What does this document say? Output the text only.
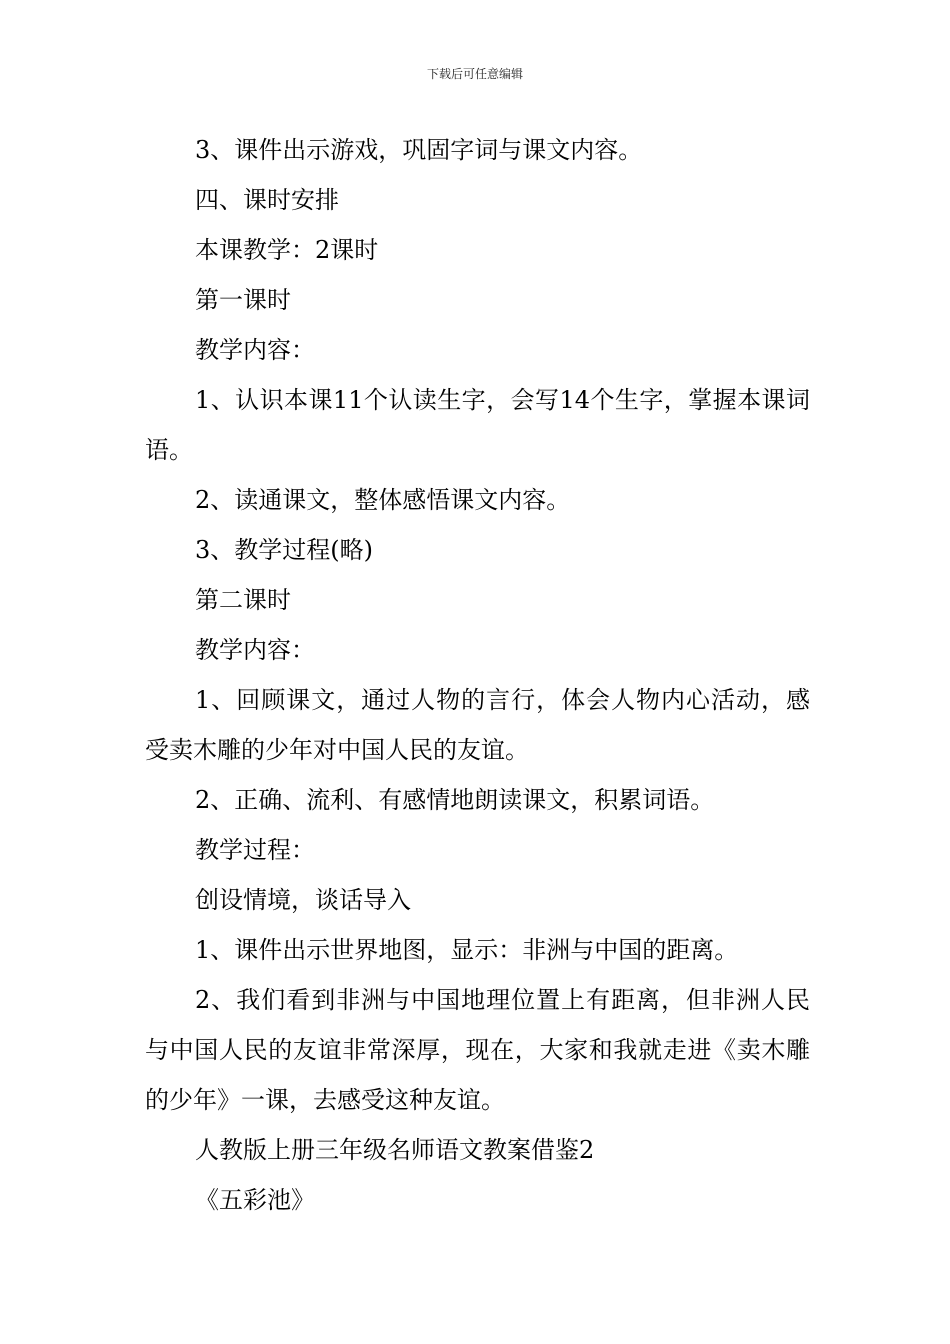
下载后可任意编辑

3、课件出示游戏，巩固字词与课文内容。

四、课时安排

本课教学：2课时

第一课时

教学内容：

1、认识本课11个认读生字，会写14个生字，掌握本课词语。

2、读通课文，整体感悟课文内容。

3、教学过程(略)

第二课时

教学内容：

1、回顾课文，通过人物的言行，体会人物内心活动，感受卖木雕的少年对中国人民的友谊。

2、正确、流利、有感情地朗读课文，积累词语。

教学过程：

创设情境，谈话导入

1、课件出示世界地图，显示：非洲与中国的距离。

2、我们看到非洲与中国地理位置上有距离，但非洲人民与中国人民的友谊非常深厚，现在，大家和我就走进《卖木雕的少年》一课，去感受这种友谊。

人教版上册三年级名师语文教案借鉴2

《五彩池》
